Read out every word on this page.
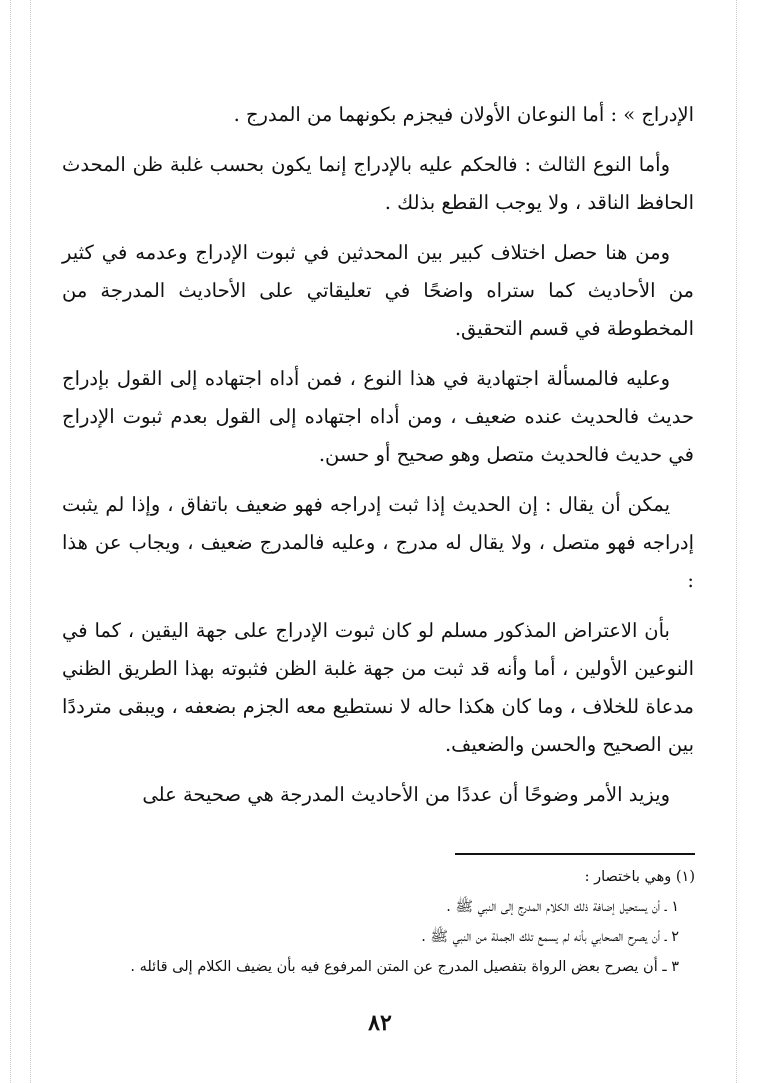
الإدراج » : أما النوعان الأولان فيجزم بكونهما من المدرج .

وأما النوع الثالث : فالحكم عليه بالإدراج إنما يكون بحسب غلبة ظن المحدث الحافظ الناقد ، ولا يوجب القطع بذلك .

ومن هنا حصل اختلاف كبير بين المحدثين في ثبوت الإدراج وعدمه في كثير من الأحاديث كما ستراه واضحًا في تعليقاتي على الأحاديث المدرجة من المخطوطة في قسم التحقيق.

وعليه فالمسألة اجتهادية في هذا النوع ، فمن أداه اجتهاده إلى القول بإدراج حديث فالحديث عنده ضعيف ، ومن أداه اجتهاده إلى القول بعدم ثبوت الإدراج في حديث فالحديث متصل وهو صحيح أو حسن.

يمكن أن يقال : إن الحديث إذا ثبت إدراجه فهو ضعيف باتفاق ، وإذا لم يثبت إدراجه فهو متصل ، ولا يقال له مدرج ، وعليه فالمدرج ضعيف ، ويجاب عن هذا :

بأن الاعتراض المذكور مسلم لو كان ثبوت الإدراج على جهة اليقين ، كما في النوعين الأولين ، أما وأنه قد ثبت من جهة غلبة الظن فثبوته بهذا الطريق الظني مدعاة للخلاف ، وما كان هكذا حاله لا نستطيع معه الجزم بضعفه ، ويبقى مترددًا بين الصحيح والحسن والضعيف.

ويزيد الأمر وضوحًا أن عددًا من الأحاديث المدرجة هي صحيحة على

(١) وهي باختصار :

١ ـ أن يستحيل إضافة ذلك الكلام المدرج إلى النبي ﷺ .

٢ ـ أن يصرح الصحابي بأنه لم يسمع تلك الجملة من النبي ﷺ .

٣ ـ أن يصرح بعض الرواة بتفصيل المدرج عن المتن المرفوع فيه بأن يضيف الكلام إلى قائله .

٨٢
